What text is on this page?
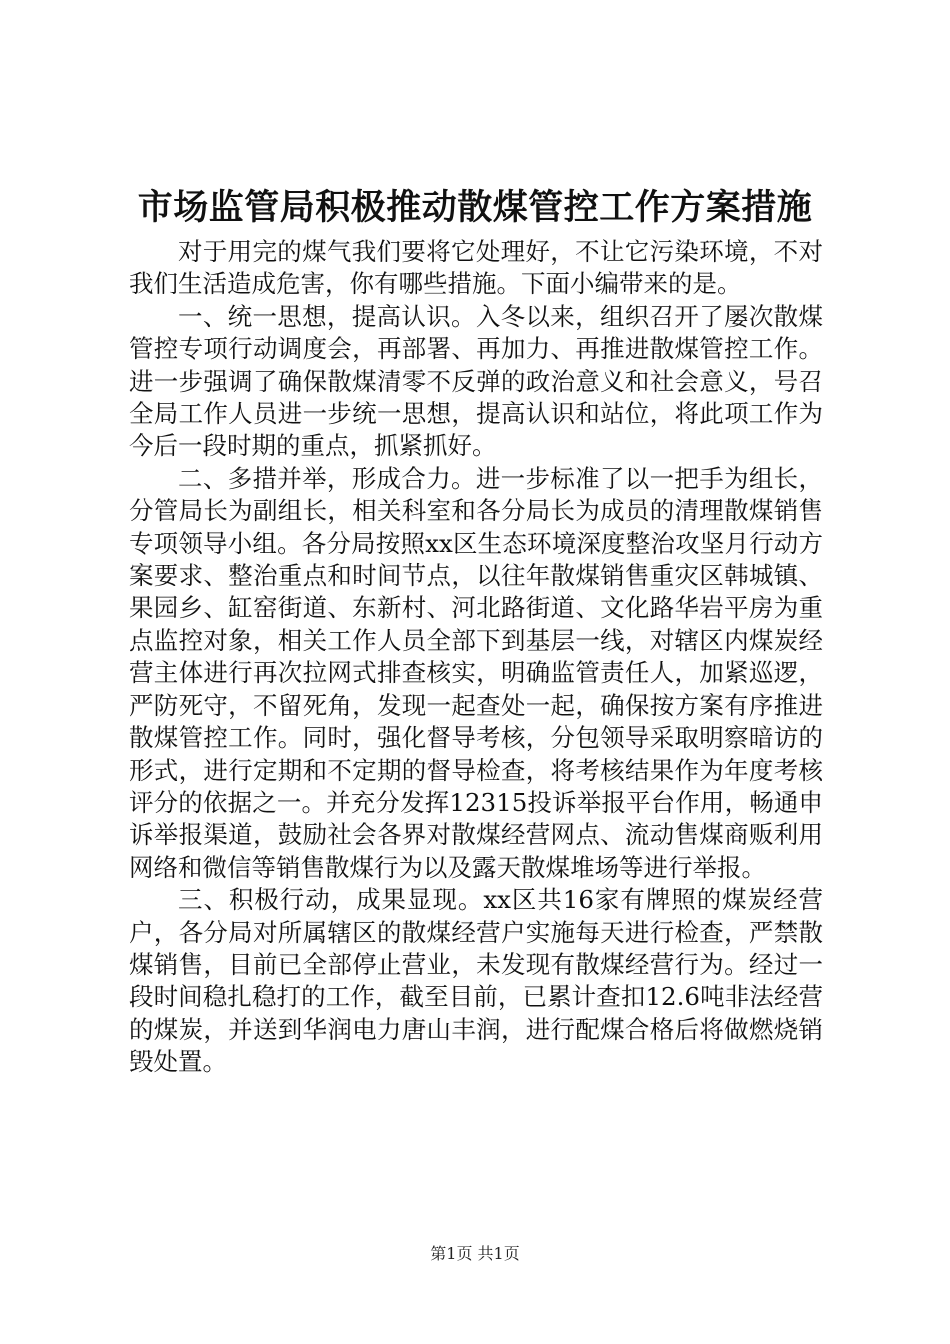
市场监管局积极推动散煤管控工作方案措施

对于用完的煤气我们要将它处理好，不让它污染环境，不对我们生活造成危害，你有哪些措施。下面小编带来的是。

一、统一思想，提高认识。入冬以来，组织召开了屡次散煤管控专项行动调度会，再部署、再加力、再推进散煤管控工作。进一步强调了确保散煤清零不反弹的政治意义和社会意义，号召全局工作人员进一步统一思想，提高认识和站位，将此项工作为今后一段时期的重点，抓紧抓好。

二、多措并举，形成合力。进一步标准了以一把手为组长，分管局长为副组长，相关科室和各分局长为成员的清理散煤销售专项领导小组。各分局按照xx区生态环境深度整治攻坚月行动方案要求、整治重点和时间节点，以往年散煤销售重灾区韩城镇、果园乡、缸窑街道、东新村、河北路街道、文化路华岩平房为重点监控对象，相关工作人员全部下到基层一线，对辖区内煤炭经营主体进行再次拉网式排查核实，明确监管责任人，加紧巡逻，严防死守，不留死角，发现一起查处一起，确保按方案有序推进散煤管控工作。同时，强化督导考核，分包领导采取明察暗访的形式，进行定期和不定期的督导检查，将考核结果作为年度考核评分的依据之一。并充分发挥12315投诉举报平台作用，畅通申诉举报渠道，鼓励社会各界对散煤经营网点、流动售煤商贩利用网络和微信等销售散煤行为以及露天散煤堆场等进行举报。

三、积极行动，成果显现。xx区共16家有牌照的煤炭经营户，各分局对所属辖区的散煤经营户实施每天进行检查，严禁散煤销售，目前已全部停止营业，未发现有散煤经营行为。经过一段时间稳扎稳打的工作，截至目前，已累计查扣12.6吨非法经营的煤炭，并送到华润电力唐山丰润，进行配煤合格后将做燃烧销毁处置。

第1页 共1页
